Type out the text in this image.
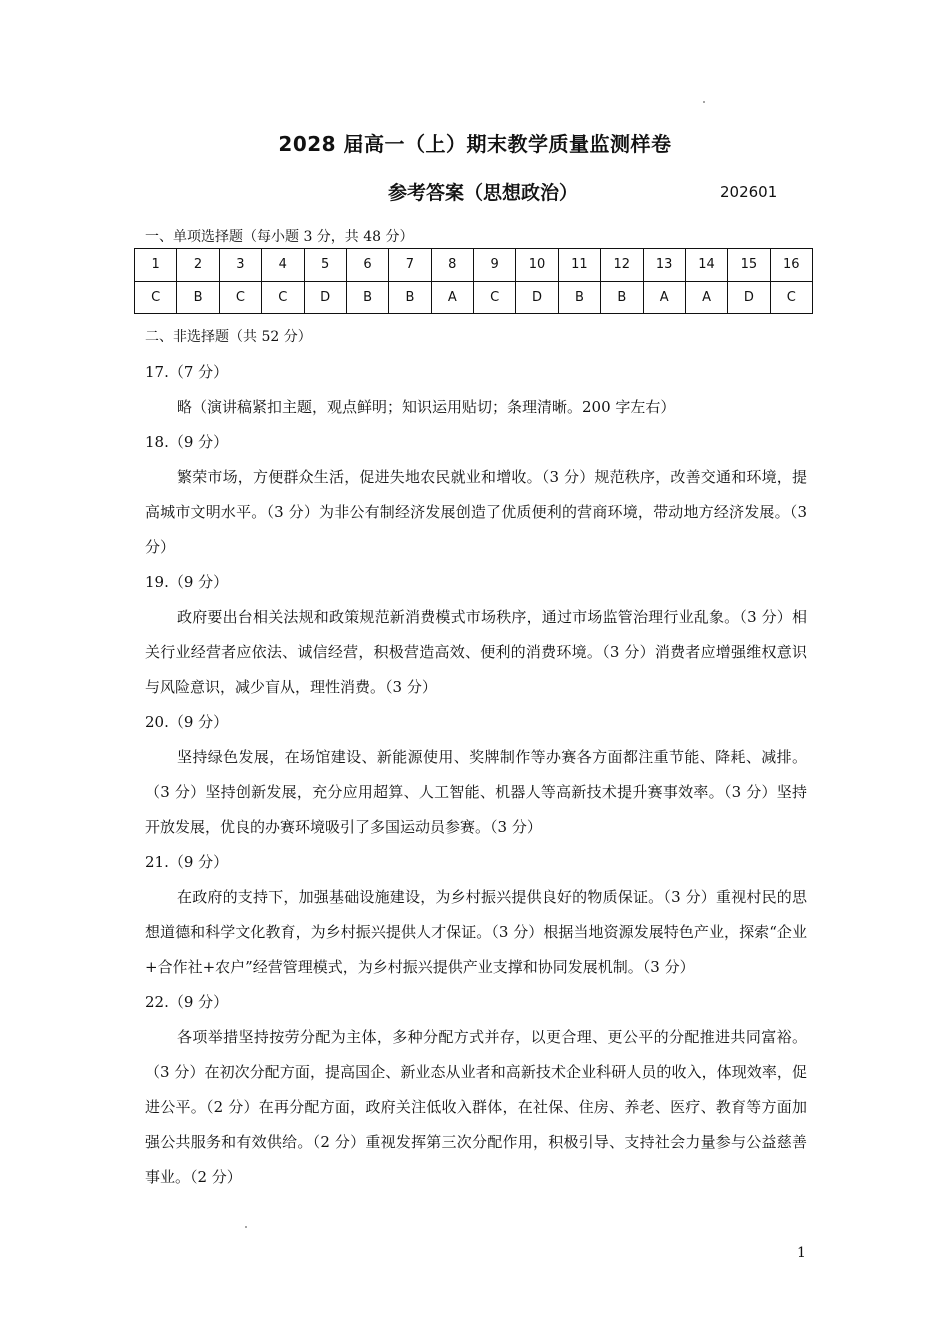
2028 届高一（上）期末教学质量监测样卷
参考答案（思想政治）	202601
一、单项选择题（每小题 3 分，共 48 分）
1	2	3	4	5	6	7	8	9	10	11	12	13	14	15	16
C	B	C	C	D	B	B	A	C	D	B	B	A	A	D	C
二、非选择题（共 52 分）
17.（7 分）

略（演讲稿紧扣主题，观点鲜明；知识运用贴切；条理清晰。200 字左右）

18.（9 分）

繁荣市场，方便群众生活，促进失地农民就业和增收。（3 分）规范秩序，改善交通和环境，提高城市文明水平。（3 分）为非公有制经济发展创造了优质便利的营商环境，带动地方经济发展。（3 分）

19.（9 分）

政府要出台相关法规和政策规范新消费模式市场秩序，通过市场监管治理行业乱象。（3 分）相关行业经营者应依法、诚信经营，积极营造高效、便利的消费环境。（3 分）消费者应增强维权意识与风险意识，减少盲从，理性消费。（3 分）

20.（9 分）

坚持绿色发展，在场馆建设、新能源使用、奖牌制作等办赛各方面都注重节能、降耗、减排。（3 分）坚持创新发展，充分应用超算、人工智能、机器人等高新技术提升赛事效率。（3 分）坚持开放发展，优良的办赛环境吸引了多国运动员参赛。（3 分）

21.（9 分）

在政府的支持下，加强基础设施建设，为乡村振兴提供良好的物质保证。（3 分）重视村民的思想道德和科学文化教育，为乡村振兴提供人才保证。（3 分）根据当地资源发展特色产业，探索“企业+合作社+农户”经营管理模式，为乡村振兴提供产业支撑和协同发展机制。（3 分）

22.（9 分）

各项举措坚持按劳分配为主体，多种分配方式并存，以更合理、更公平的分配推进共同富裕。（3 分）在初次分配方面，提高国企、新业态从业者和高新技术企业科研人员的收入，体现效率，促进公平。（2 分）在再分配方面，政府关注低收入群体，在社保、住房、养老、医疗、教育等方面加强公共服务和有效供给。（2 分）重视发挥第三次分配作用，积极引导、支持社会力量参与公益慈善事业。（2 分）

1
